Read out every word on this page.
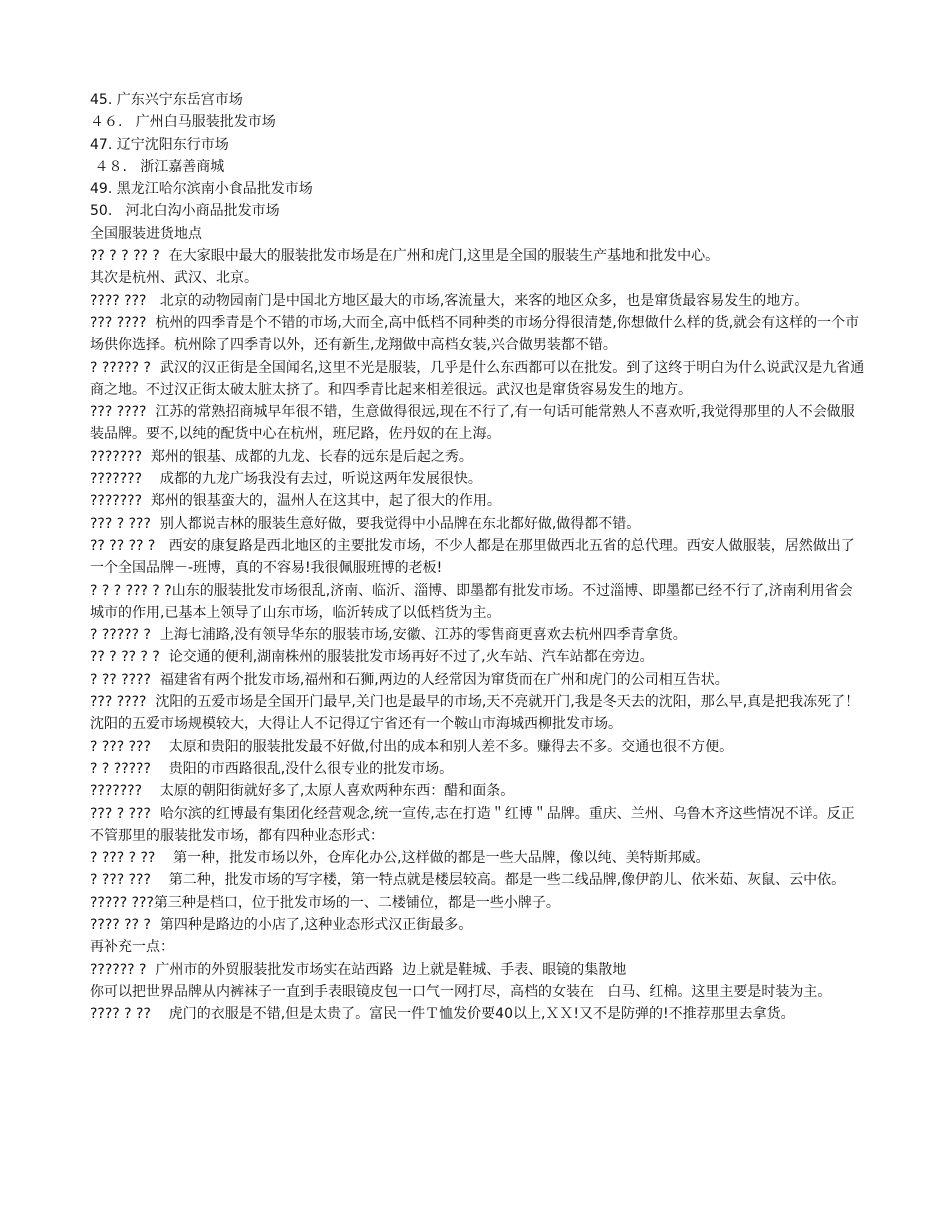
45. 广东兴宁东岳宫市场
４６.   广州白马服装批发市场
47. 辽宁沈阳东行市场
４８.   浙江嘉善商城
49. 黑龙江哈尔滨南小食品批发市场
50.   河北白沟小商品批发市场
全国服装进货地点
?? ? ? ?? ?  在大家眼中最大的服装批发市场是在广州和虎门,这里是全国的服装生产基地和批发中心。
其次是杭州、武汉、北京。
???? ???   北京的动物园南门是中国北方地区最大的市场,客流量大，来客的地区众多，也是窜货最容易发生的地方。
??? ????  杭州的四季青是个不错的市场,大而全,高中低档不同种类的市场分得很清楚,你想做什么样的货,就会有这样的一个市场供你选择。杭州除了四季青以外，还有新生,龙翔做中高档女装,兴合做男装都不错。
? ????? ?  武汉的汉正街是全国闻名,这里不光是服装，几乎是什么东西都可以在批发。到了这终于明白为什么说武汉是九省通商之地。不过汉正街太破太脏太挤了。和四季青比起来相差很远。武汉也是窜货容易发生的地方。
??? ????  江苏的常熟招商城早年很不错，生意做得很远,现在不行了,有一句话可能常熟人不喜欢听,我觉得那里的人不会做服装品牌。要不,以纯的配货中心在杭州，班尼路，佐丹奴的在上海。
???????  郑州的银基、成都的九龙、长春的远东是后起之秀。
???????    成都的九龙广场我没有去过，听说这两年发展很快。
???????  郑州的银基蛮大的，温州人在这其中，起了很大的作用。
??? ? ???  别人都说吉林的服装生意好做，要我觉得中小品牌在东北都好做,做得都不错。
?? ?? ?? ?   西安的康复路是西北地区的主要批发市场，不少人都是在那里做西北五省的总代理。西安人做服装，居然做出了一个全国品牌－-班博，真的不容易!我很佩服班博的老板!
? ? ? ??? ? ?山东的服装批发市场很乱,济南、临沂、淄博、即墨都有批发市场。不过淄博、即墨都已经不行了,济南利用省会城市的作用,已基本上领导了山东市场，临沂转成了以低档货为主。
? ????? ?  上海七浦路,没有领导华东的服装市场,安徽、江苏的零售商更喜欢去杭州四季青拿货。
?? ? ?? ? ?  论交通的便利,湖南株州的服装批发市场再好不过了,火车站、汽车站都在旁边。
? ?? ????  福建省有两个批发市场,福州和石狮,两边的人经常因为窜货而在广州和虎门的公司相互告状。
??? ????  沈阳的五爱市场是全国开门最早,关门也是最早的市场,天不亮就开门,我是冬天去的沈阳，那么早,真是把我冻死了！沈阳的五爱市场规模较大，大得让人不记得辽宁省还有一个鞍山市海城西柳批发市场。
? ??? ???    太原和贵阳的服装批发最不好做,付出的成本和别人差不多。赚得去不多。交通也很不方便。
? ? ?????    贵阳的市西路很乱,没什么很专业的批发市场。
???????    太原的朝阳街就好多了,太原人喜欢两种东西：醋和面条。
??? ? ???  哈尔滨的红博最有集团化经营观念,统一宣传,志在打造＂红博＂品牌。重庆、兰州、乌鲁木齐这些情况不详。反正不管那里的服装批发市场，都有四种业态形式：
? ??? ? ??    第一种，批发市场以外，仓库化办公,这样做的都是一些大品牌，像以纯、美特斯邦威。
? ??? ???    第二种，批发市场的写字楼，第一特点就是楼层较高。都是一些二线品牌,像伊韵儿、依米茹、灰鼠、云中依。
????? ???第三种是档口，位于批发市场的一、二楼铺位，都是一些小牌子。
???? ?? ?  第四种是路边的小店了,这种业态形式汉正街最多。
再补充一点：
?????? ?  广州市的外贸服装批发市场实在站西路  边上就是鞋城、手表、眼镜的集散地
你可以把世界品牌从内裤袜子一直到手表眼镜皮包一口气一网打尽，高档的女装在   白马、红棉。这里主要是时装为主。
???? ? ??    虎门的衣服是不错,但是太贵了。富民一件Ｔ恤发价要40以上,ＸＸ!又不是防弹的!不推荐那里去拿货。
